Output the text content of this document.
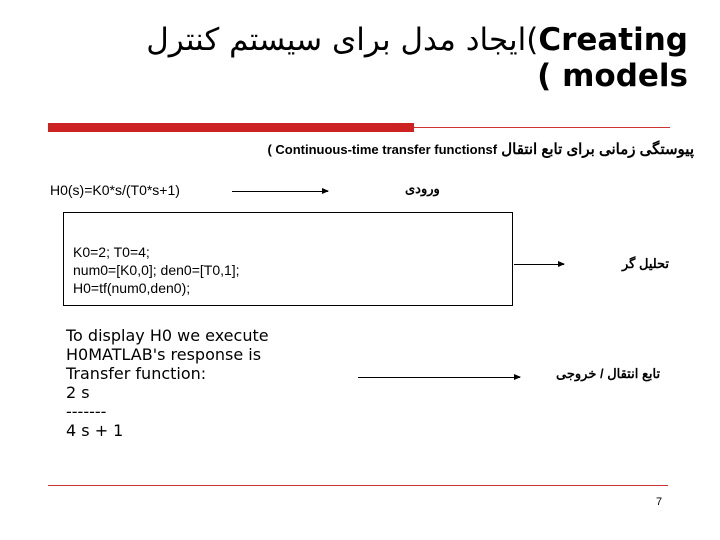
ایجاد مدل برای سیستم کنترل(Creating
( models
( Continuous-time transfer functionsf پیوستگی زمانی برای تابع انتقال
H0(s)=K0*s/(T0*s+1)	ورودی
K0=2; T0=4;
num0=[K0,0]; den0=[T0,1];
H0=tf(num0,den0);
تحلیل گر
To display H0 we execute
H0MATLAB's response is
Transfer function:
2 s
-------
4 s + 1
تابع انتقال / خروجی
7
